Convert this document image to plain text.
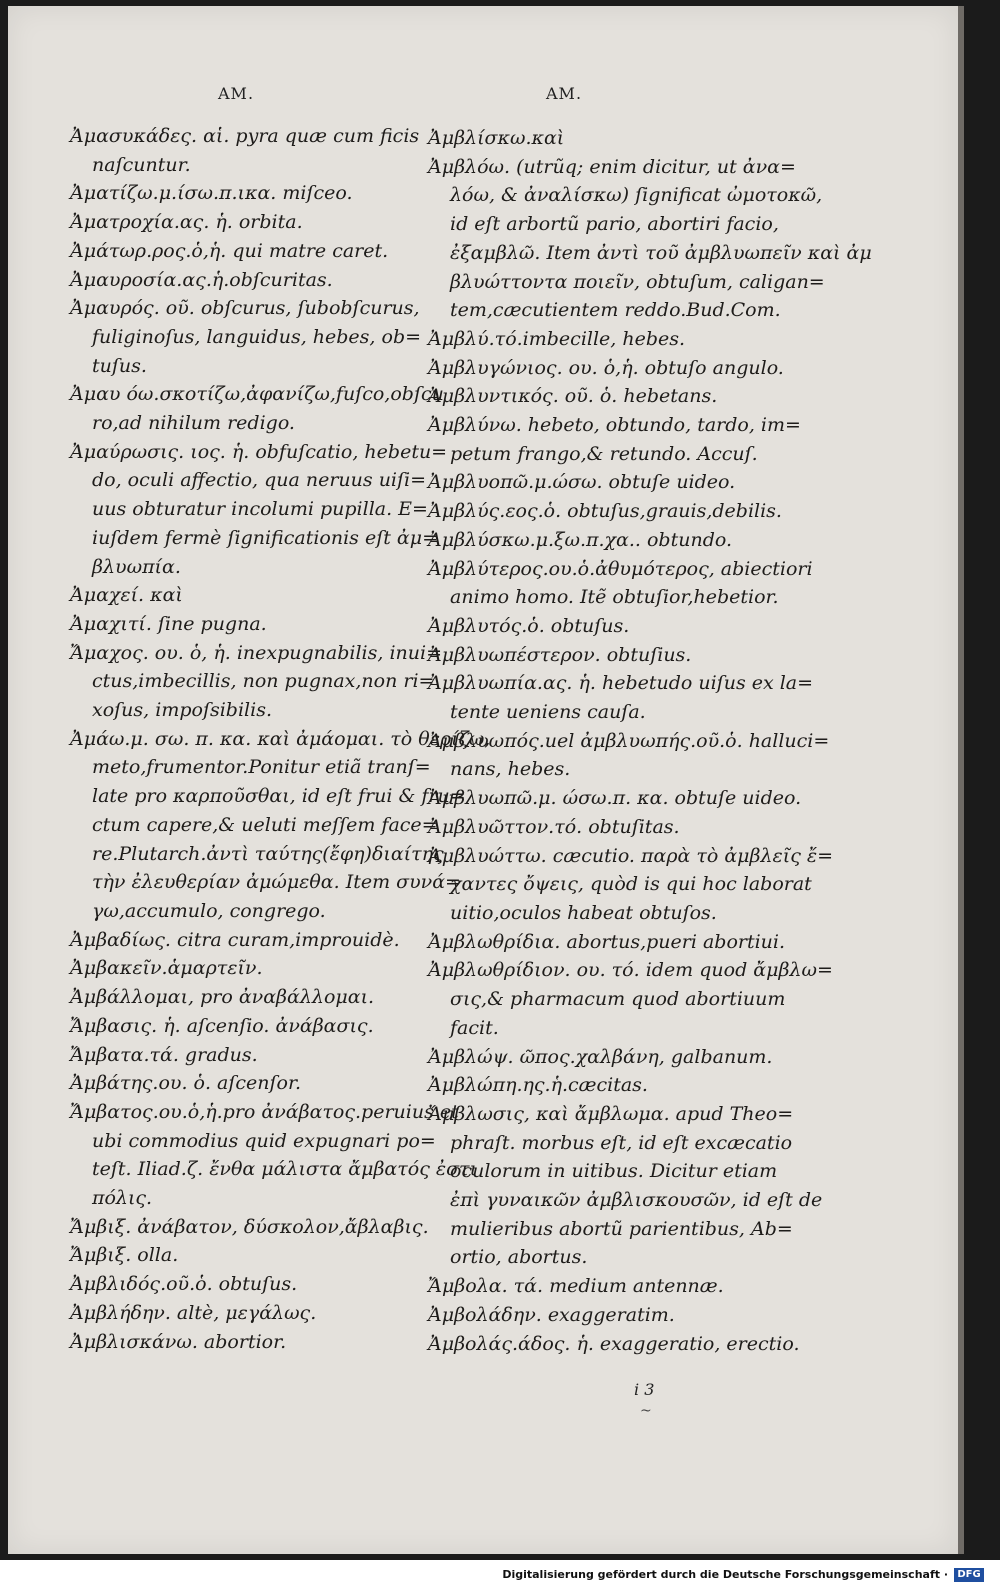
AM.	AM.
Ἀμασυκάδες. αἱ. pyra quæ cum ficis
naſcuntur.
Ἀματίζω.μ.ίσω.π.ικα. miſceo.
Ἀματροχία.ας. ἡ. orbita.
Ἀμάτωρ.ρος.ὁ,ἡ. qui matre caret.
Ἀμαυροσία.ας.ἡ.obſcuritas.
Ἀμαυρός. οῦ. obſcurus, ſubobſcurus,
fuliginoſus, languidus, hebes, ob=
tuſus.
Ἀμαυ όω.σκοτίζω,ἀφανίζω,fuſco,obſcu
ro,ad nihilum redigo.
Ἀμαύρωσις. ιος. ἡ. obfuſcatio, hebetu=
do, oculi affectio, qua neruus uiſi=
uus obturatur incolumi pupilla. E=
iuſdem fermè ſignificationis eſt ἀμ=
βλυωπία.
Ἀμαχεί. καὶ
Ἀμαχιτί. ſine pugna.
Ἄμαχος. ου. ὁ, ἡ. inexpugnabilis, inui=
ctus,imbecillis, non pugnax,non ri=
xoſus, impoſsibilis.
Ἀμάω.μ. σω. π. κα. καὶ ἀμάομαι. τὸ θερίζω,
meto,frumentor.Ponitur etiã tranſ=
late pro καρποῦσθαι, id eſt frui & fru=
ctum capere,& ueluti meſſem face=
re.Plutarch.ἀντὶ ταύτης(ἔφη)διαίτης
τὴν ἐλευθερίαν ἀμώμεθα. Item συνά=
γω,accumulo, congrego.
Ἀμβαδίως. citra curam,improuidè.
Ἀμβακεῖν.ἁμαρτεῖν.
Ἀμβάλλομαι, pro ἀναβάλλομαι.
Ἄμβασις. ἡ. aſcenſio. ἀνάβασις.
Ἄμβατα.τά. gradus.
Ἀμβάτης.ου. ὁ. aſcenſor.
Ἄμβατος.ου.ὁ,ἡ.pro ἀνάβατος.peruius et
ubi commodius quid expugnari po=
teſt. Iliad.ζ. ἔνθα μάλιστα ἄμβατός ἐστι
πόλις.
Ἄμβιξ. ἀνάβατον, δύσκολον,ἄβλαβις.
Ἄμβιξ. olla.
Ἀμβλιδός.οῦ.ὁ. obtuſus.
Ἀμβλήδην. altè, μεγάλως.
Ἀμβλισκάνω. abortior.
Ἀμβλίσκω.καὶ
Ἀμβλόω. (utrũq; enim dicitur, ut ἀνα=
λόω, & ἀναλίσκω) ſignificat ὠμοτοκῶ,
id eſt arbortũ pario, abortiri facio,
ἐξαμβλῶ. Item ἀντὶ τοῦ ἀμβλυωπεῖν καὶ ἀμ
βλυώττοντα ποιεῖν, obtuſum, caligan=
tem,cæcutientem reddo.Bud.Com.
Ἀμβλύ.τό.imbecille, hebes.
Ἀμβλυγώνιος. ου. ὁ,ἡ. obtuſo angulo.
Ἀμβλυντικός. οῦ. ὁ. hebetans.
Ἀμβλύνω. hebeto, obtundo, tardo, im=
petum frango,& retundo. Accuſ.
Ἀμβλυοπῶ.μ.ώσω. obtuſe uideo.
Ἀμβλύς.εος.ὁ. obtuſus,grauis,debilis.
Ἀμβλύσκω.μ.ξω.π.χα.. obtundo.
Ἀμβλύτερος.ου.ὁ.ἀθυμότερος, abiectiori
animo homo. Itẽ obtuſior,hebetior.
Ἀμβλυτός.ὁ. obtuſus.
Ἀμβλυωπέστερον. obtuſius.
Ἀμβλυωπία.ας. ἡ. hebetudo uiſus ex la=
tente ueniens cauſa.
Ἀμβλυωπός.uel ἀμβλυωπής.οῦ.ὁ. halluci=
nans, hebes.
Ἀμβλυωπῶ.μ. ώσω.π. κα. obtuſe uideo.
Ἀμβλυῶττον.τό. obtuſitas.
Ἀμβλυώττω. cæcutio. παρὰ τὸ ἀμβλεῖς ἔ=
χαντες ὄψεις, quòd is qui hoc laborat
uitio,oculos habeat obtuſos.
Ἀμβλωθρίδια. abortus,pueri abortiui.
Ἀμβλωθρίδιον. ου. τό. idem quod ἄμβλω=
σις,& pharmacum quod abortiuum
facit.
Ἀμβλώψ. ῶπος.χαλβάνη, galbanum.
Ἀμβλώπη.ης.ἡ.cæcitas.
Ἄμβλωσις, καὶ ἄμβλωμα. apud Theo=
phraſt. morbus eſt, id eſt excæcatio
oculorum in uitibus. Dicitur etiam
ἐπὶ γυναικῶν ἀμβλισκουσῶν, id eſt de
mulieribus abortũ parientibus, Ab=
ortio, abortus.
Ἄμβολα. τά. medium antennæ.
Ἀμβολάδην. exaggeratim.
Ἀμβολάς.άδος. ἡ. exaggeratio, erectio.
i 3
~
Digitalisierung gefördert durch die Deutsche Forschungsgemeinschaft · DFG
